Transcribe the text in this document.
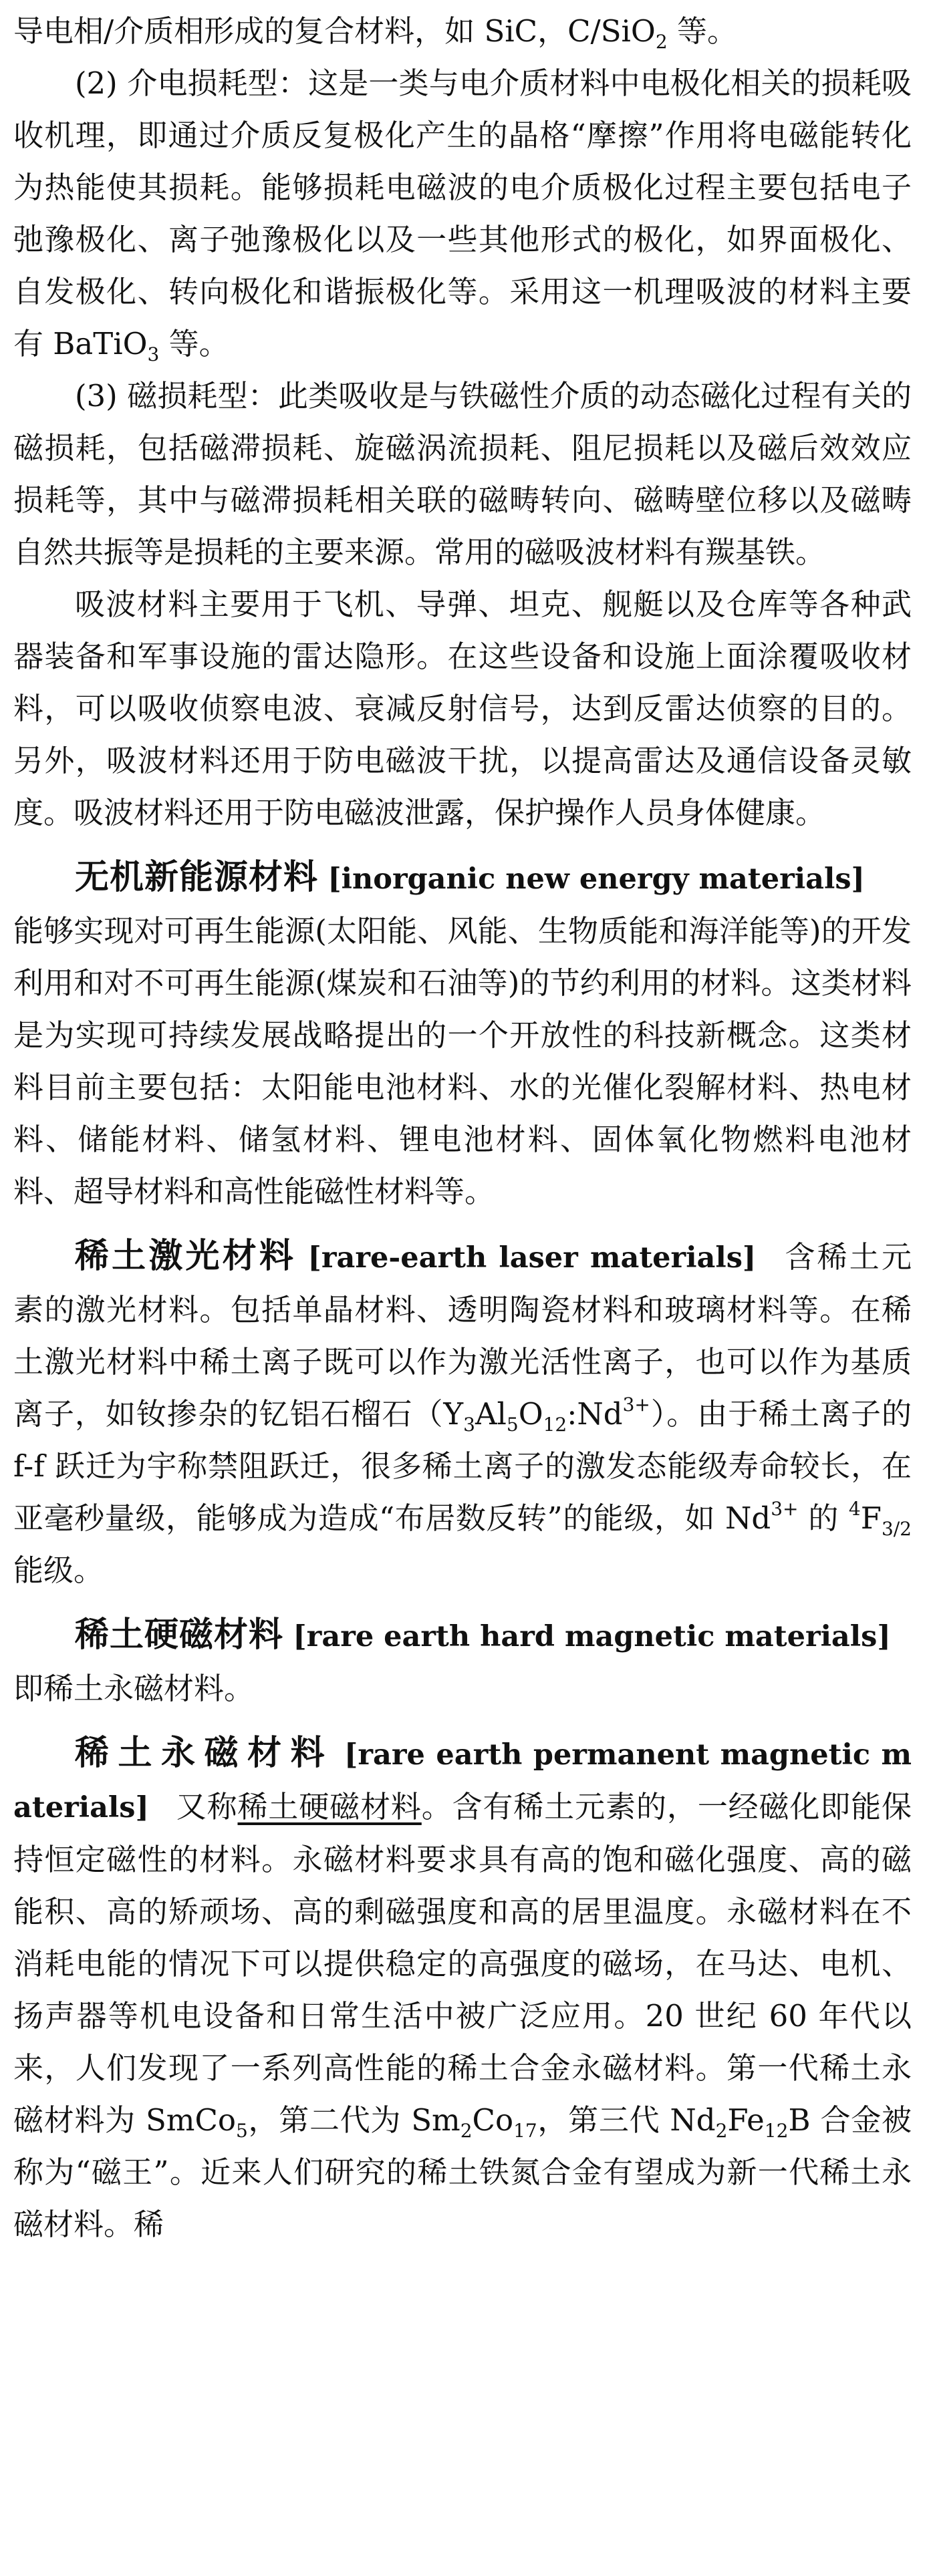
导电相/介质相形成的复合材料，如 SiC，C/SiO$_2$ 等。

(2) 介电损耗型：这是一类与电介质材料中电极化相关的损耗吸收机理，即通过介质反复极化产生的晶格“摩擦”作用将电磁能转化为热能使其损耗。能够损耗电磁波的电介质极化过程主要包括电子弛豫极化、离子弛豫极化以及一些其他形式的极化，如界面极化、自发极化、转向极化和谐振极化等。采用这一机理吸波的材料主要有 BaTiO$_3$ 等。

(3) 磁损耗型：此类吸收是与铁磁性介质的动态磁化过程有关的磁损耗，包括磁滞损耗、旋磁涡流损耗、阻尼损耗以及磁后效效应损耗等，其中与磁滞损耗相关联的磁畴转向、磁畴壁位移以及磁畴自然共振等是损耗的主要来源。常用的磁吸波材料有羰基铁。

吸波材料主要用于飞机、导弹、坦克、舰艇以及仓库等各种武器装备和军事设施的雷达隐形。在这些设备和设施上面涂覆吸收材料，可以吸收侦察电波、衰减反射信号，达到反雷达侦察的目的。另外，吸波材料还用于防电磁波干扰，以提高雷达及通信设备灵敏度。吸波材料还用于防电磁波泄露，保护操作人员身体健康。

无机新能源材料 [inorganic new energy materials]

能够实现对可再生能源(太阳能、风能、生物质能和海洋能等)的开发利用和对不可再生能源(煤炭和石油等)的节约利用的材料。这类材料是为实现可持续发展战略提出的一个开放性的科技新概念。这类材料目前主要包括：太阳能电池材料、水的光催化裂解材料、热电材料、储能材料、储氢材料、锂电池材料、固体氧化物燃料电池材料、超导材料和高性能磁性材料等。

稀土激光材料 [rare-earth laser materials] 含稀土元素的激光材料。包括单晶材料、透明陶瓷材料和玻璃材料等。在稀土激光材料中稀土离子既可以作为激光活性离子，也可以作为基质离子，如钕掺杂的钇铝石榴石$(Y_3Al_5O_{12}:Nd^{3+})$。由于稀土离子的 f-f 跃迁为宇称禁阻跃迁，很多稀土离子的激发态能级寿命较长，在亚毫秒量级，能够成为造成“布居数反转”的能级，如 $Nd^{3+}$ 的 $^4F_{3/2}$ 能级。

稀土硬磁材料 [rare earth hard magnetic materials]

即稀土永磁材料。

稀土永磁材料 [rare earth permanent magnetic materials] 又称稀土硬磁材料。含有稀土元素的，一经磁化即能保持恒定磁性的材料。永磁材料要求具有高的饱和磁化强度、高的磁能积、高的矫顽场、高的剩磁强度和高的居里温度。永磁材料在不消耗电能的情况下可以提供稳定的高强度的磁场，在马达、电机、扬声器等机电设备和日常生活中被广泛应用。20 世纪 60 年代以来，人们发现了一系列高性能的稀土合金永磁材料。第一代稀土永磁材料为 SmCo$_5$，第二代为 $Sm_2Co_{17}$，第三代 $Nd_2Fe_{12}B$ 合金被称为“磁王”。近来人们研究的稀土铁氮合金有望成为新一代稀土永磁材料。稀
